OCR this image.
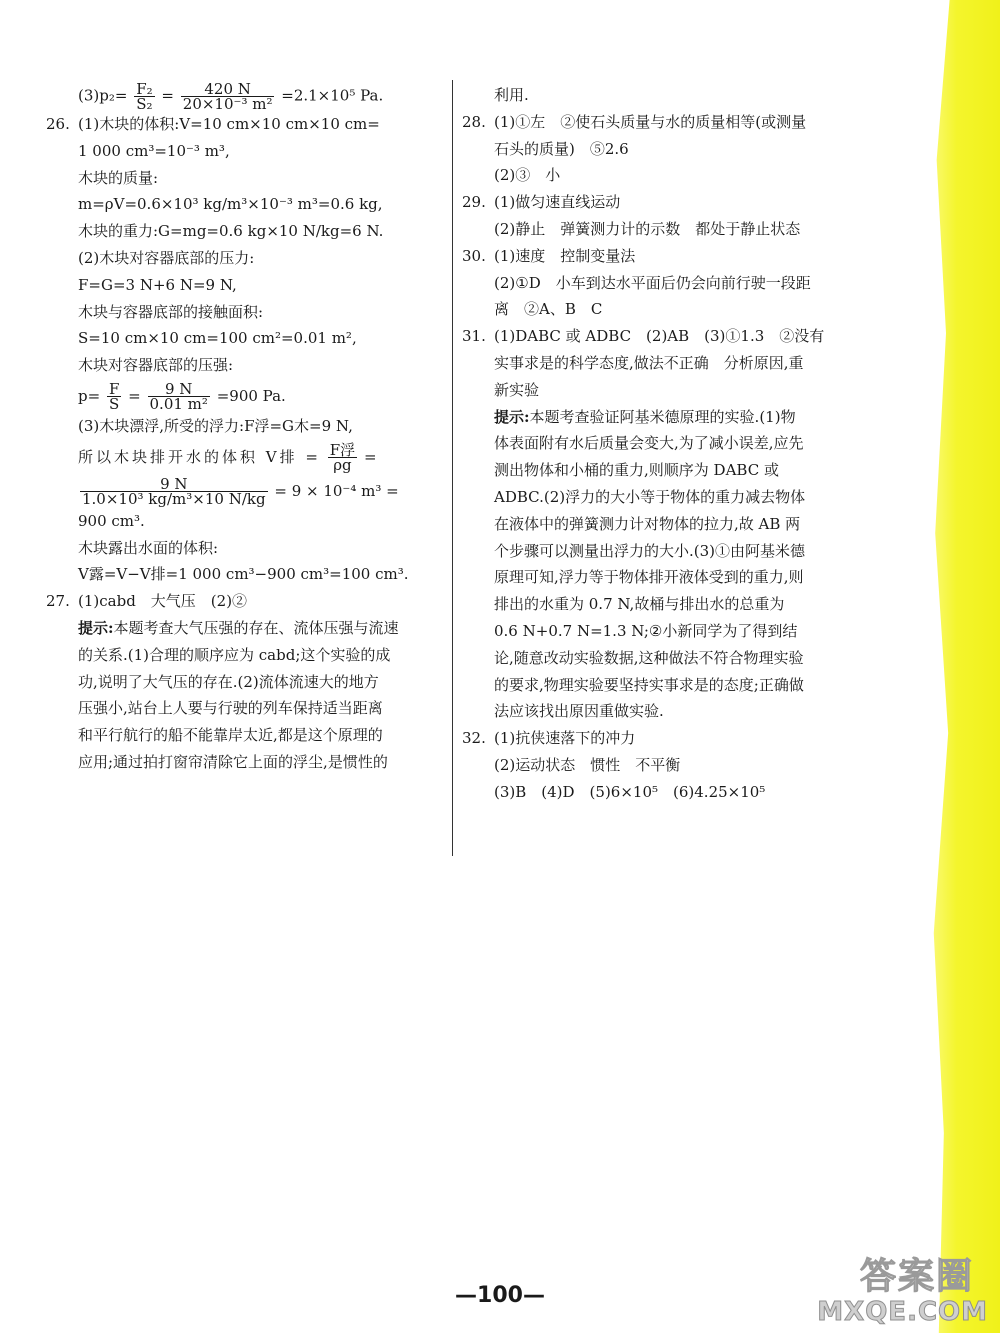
$(3)p_2= \frac{\text{F₂}}{\text{S₂}} = \frac{420 N}{\text{20×10⁻³ m²}} =2.1\times 10^5$ Pa.
26. (1)木块的体积:V=10 cm×10 cm×10 cm=
1 000 cm³=10⁻³ m³,
木块的质量:
m=ρV=0.6×10³ kg/m³×10⁻³ m³=0.6 kg,
木块的重力:G=mg=0.6 kg×10 N/kg=6 N.
(2)木块对容器底部的压力:
F=G=3 N+6 N=9 N,
木块与容器底部的接触面积:
S=10 cm×10 cm=100 cm²=0.01 m²,
木块对容器底部的压强:
$p= \frac{F}{S} = \frac{9 N}{\text{0.01 m²}} =900$ Pa.
(3)木块漂浮,所受的浮力:F浮=G木=9 N,
所以木块排开水的体积 V排 = $\frac{\text{F浮}}{\rho g}$ =
$\frac{9 N}{\text{1.0×10³ kg/m³×10 N/kg}} = 9 \times 10^{-4}$ m³ =
900 cm³.
木块露出水面的体积:
V露=V−V排=1 000 cm³−900 cm³=100 cm³.
27. (1)cabd　大气压　(2)②
提示:本题考查大气压强的存在、流体压强与流速
的关系.(1)合理的顺序应为 cabd;这个实验的成
功,说明了大气压的存在.(2)流体流速大的地方
压强小,站台上人要与行驶的列车保持适当距离
和平行航行的船不能靠岸太近,都是这个原理的
应用;通过拍打窗帘清除它上面的浮尘,是惯性的
利用.
28. (1)①左　②使石头质量与水的质量相等(或测量
石头的质量)　⑤2.6
(2)③　小
29. (1)做匀速直线运动
(2)静止　弹簧测力计的示数　都处于静止状态
30. (1)速度　控制变量法
(2)①D　小车到达水平面后仍会向前行驶一段距
离　②A、B　C
31. (1)DABC 或 ADBC　(2)AB　(3)①1.3　②没有
实事求是的科学态度,做法不正确　分析原因,重
新实验
提示:本题考查验证阿基米德原理的实验.(1)物
体表面附有水后质量会变大,为了减小误差,应先
测出物体和小桶的重力,则顺序为 DABC 或
ADBC.(2)浮力的大小等于物体的重力减去物体
在液体中的弹簧测力计对物体的拉力,故 AB 两
个步骤可以测量出浮力的大小.(3)①由阿基米德
原理可知,浮力等于物体排开液体受到的重力,则
排出的水重为 0.7 N,故桶与排出水的总重为
0.6 N+0.7 N=1.3 N;②小新同学为了得到结
论,随意改动实验数据,这种做法不符合物理实验
的要求,物理实验要坚持实事求是的态度;正确做
法应该找出原因重做实验.
32. (1)抗侠速落下的冲力
(2)运动状态　惯性　不平衡
(3)B　(4)D　(5)6×10⁵　(6)4.25×10⁵
—100—	答案圈
MXQE.COM
